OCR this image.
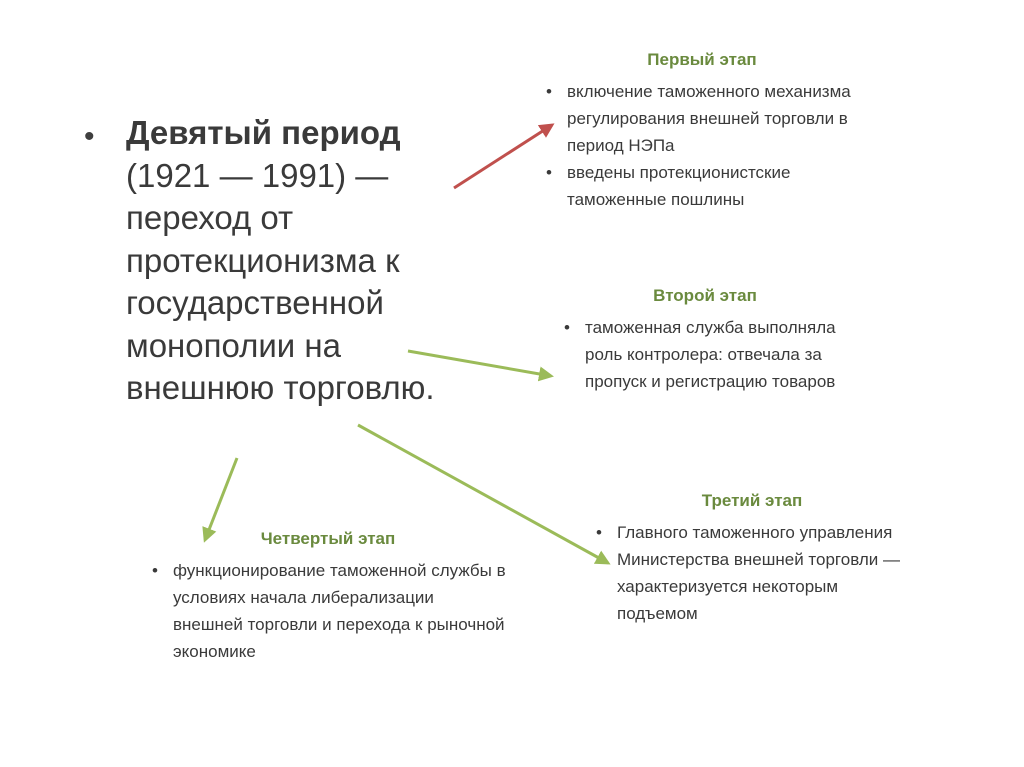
• Девятый период (1921 — 1991) — переход от протекционизма к государственной монополии на внешнюю торговлю.
Первый этап
• включение таможенного механизма регулирования внешней торговли в период НЭПа
• введены протекционистские таможенные пошлины
Второй этап
• таможенная служба выполняла роль контролера: отвечала за пропуск и регистрацию товаров
Третий этап
• Главного таможенного управления Министерства внешней торговли — характеризуется некоторым подъемом
Четвертый этап
• функционирование таможенной службы в условиях начала либерализации внешней торговли и перехода к рыночной экономике
